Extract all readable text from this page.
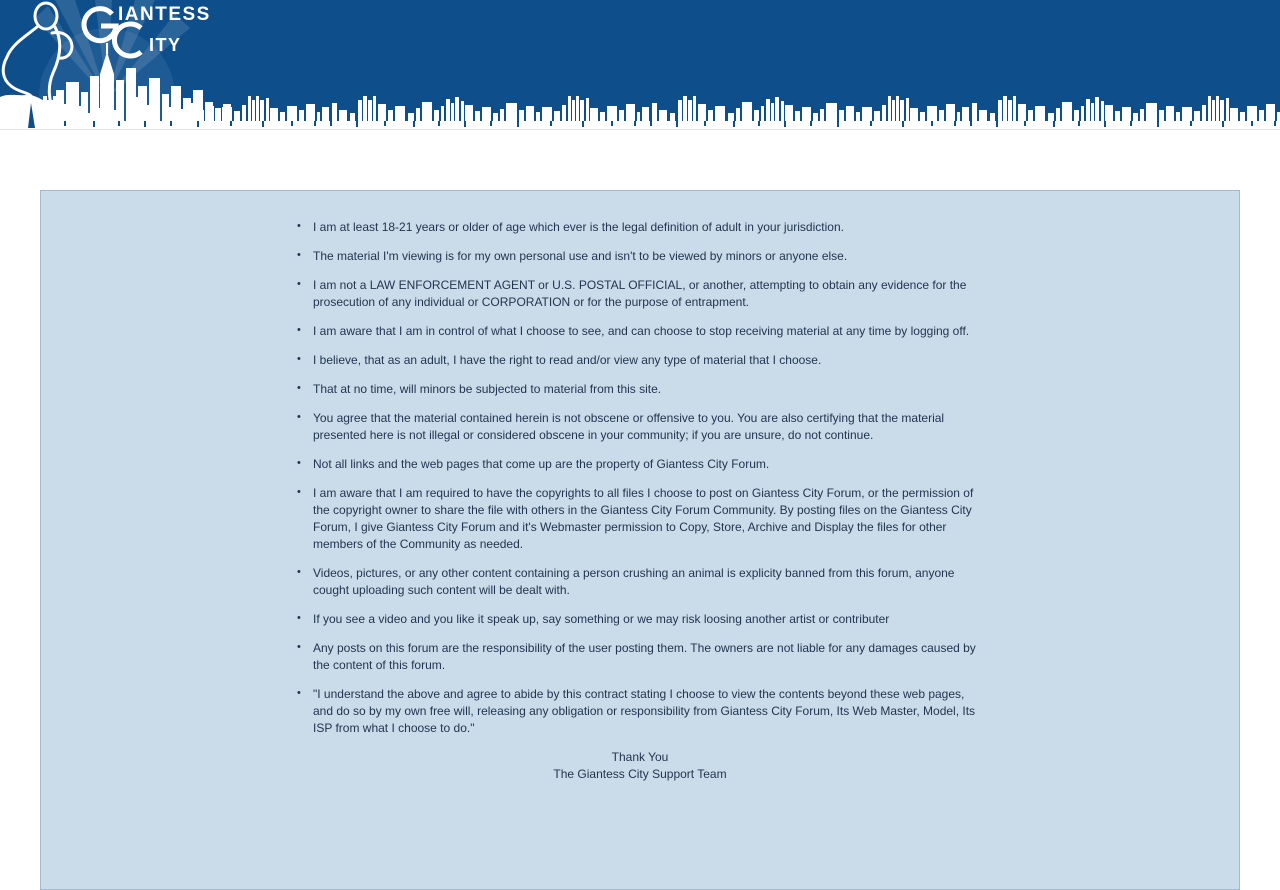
IANTESS
ITY
• I am at least 18-21 years or older of age which ever is the legal definition of adult in your jurisdiction.
• The material I'm viewing is for my own personal use and isn't to be viewed by minors or anyone else.
• I am not a LAW ENFORCEMENT AGENT or U.S. POSTAL OFFICIAL, or another, attempting to obtain any evidence for the prosecution of any individual or CORPORATION or for the purpose of entrapment.
• I am aware that I am in control of what I choose to see, and can choose to stop receiving material at any time by logging off.
• I believe, that as an adult, I have the right to read and/or view any type of material that I choose.
• That at no time, will minors be subjected to material from this site.
• You agree that the material contained herein is not obscene or offensive to you. You are also certifying that the material presented here is not illegal or considered obscene in your community; if you are unsure, do not continue.
• Not all links and the web pages that come up are the property of Giantess City Forum.
• I am aware that I am required to have the copyrights to all files I choose to post on Giantess City Forum, or the permission of the copyright owner to share the file with others in the Giantess City Forum Community. By posting files on the Giantess City Forum, I give Giantess City Forum and it's Webmaster permission to Copy, Store, Archive and Display the files for other members of the Community as needed.
• Videos, pictures, or any other content containing a person crushing an animal is explicity banned from this forum, anyone cought uploading such content will be dealt with.
• If you see a video and you like it speak up, say something or we may risk loosing another artist or contributer
• Any posts on this forum are the responsibility of the user posting them. The owners are not liable for any damages caused by the content of this forum.
• "I understand the above and agree to abide by this contract stating I choose to view the contents beyond these web pages, and do so by my own free will, releasing any obligation or responsibility from Giantess City Forum, Its Web Master, Model, Its ISP from what I choose to do."
Thank You
The Giantess City Support Team
